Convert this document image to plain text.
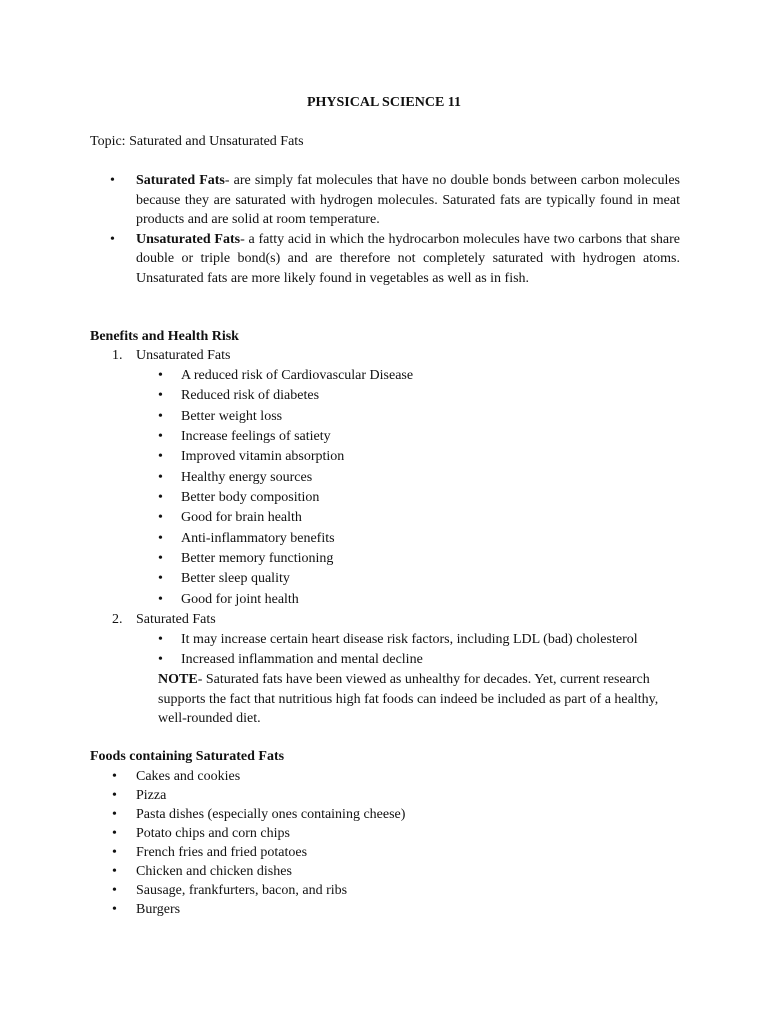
PHYSICAL SCIENCE 11

Topic: Saturated and Unsaturated Fats

• Saturated Fats- are simply fat molecules that have no double bonds between carbon molecules because they are saturated with hydrogen molecules. Saturated fats are typically found in meat products and are solid at room temperature.
• Unsaturated Fats- a fatty acid in which the hydrocarbon molecules have two carbons that share double or triple bond(s) and are therefore not completely saturated with hydrogen atoms. Unsaturated fats are more likely found in vegetables as well as in fish.

Benefits and Health Risk

1. Unsaturated Fats

• A reduced risk of Cardiovascular Disease
• Reduced risk of diabetes
• Better weight loss
• Increase feelings of satiety
• Improved vitamin absorption
• Healthy energy sources
• Better body composition
• Good for brain health
• Anti-inflammatory benefits
• Better memory functioning
• Better sleep quality
• Good for joint health

2. Saturated Fats

• It may increase certain heart disease risk factors, including LDL (bad) cholesterol
• Increased inflammation and mental decline

NOTE- Saturated fats have been viewed as unhealthy for decades. Yet, current research supports the fact that nutritious high fat foods can indeed be included as part of a healthy, well-rounded diet.

Foods containing Saturated Fats

• Cakes and cookies
• Pizza
• Pasta dishes (especially ones containing cheese)
• Potato chips and corn chips
• French fries and fried potatoes
• Chicken and chicken dishes
• Sausage, frankfurters, bacon, and ribs
• Burgers
